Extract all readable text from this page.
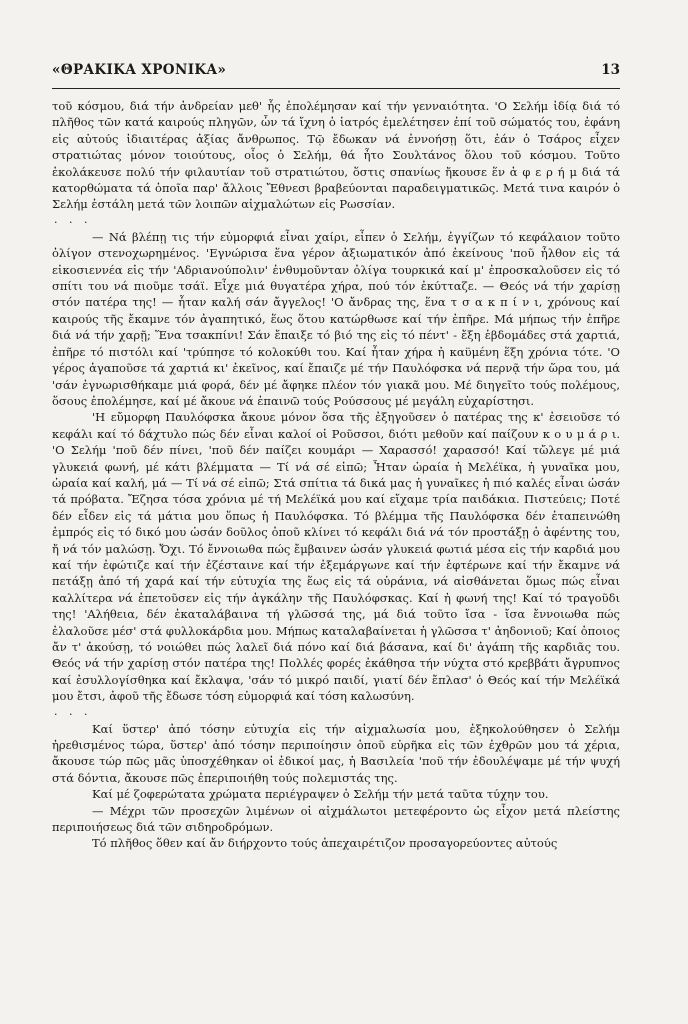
«ΘΡΑΚΙΚΑ ΧΡΟΝΙΚΑ»	13

τοῦ κόσμου, διά τήν ἀνδρείαν μεθ' ἧς ἐπολέμησαν καί τήν γενναιότητα. 'Ο Σελήμ ἰδίᾳ διά τό πλῆθος τῶν κατά καιρούς πληγῶν, ὧν τά ἴχνη ὁ ἰατρός ἐμελέτησεν ἐπί τοῦ σώματός του, ἐφάνη εἰς αὐτούς ἰδιαιτέρας ἀξίας ἄνθρωπος. Τῷ ἔδωκαν νά ἐννοήσῃ ὅτι, ἐάν ὁ Τσάρος εἶχεν στρατιώτας μόνον τοιούτους, οἷος ὁ Σελήμ, θά ἦτο Σουλτάνος ὅλου τοῦ κόσμου. Τοῦτο ἐκολάκευσε πολύ τήν φιλαυτίαν τοῦ στρατιώτου, ὅστις σπανίως ἤκουσε ἕν ἀ φ ε ρ ή μ διά τά κατορθώματα τά ὁποῖα παρ' ἄλλοις Ἔθνεσι βραβεύονται παραδειγματικῶς. Μετά τινα καιρόν ὁ Σελήμ ἐστάλη μετά τῶν λοιπῶν αἰχμαλώτων εἰς Ρωσσίαν.

. . .

— Νά βλέπῃ τις τήν εὐμορφιά εἶναι χαίρι, εἶπεν ὁ Σελήμ, ἐγγίζων τό κεφάλαιον τοῦτο ὀλίγον στενοχωρημένος. 'Εγνώρισα ἕνα γέρον ἀξιωματικόν ἀπό ἐκείνους 'ποῦ ἦλθον εἰς τά εἰκοσιεννέα εἰς τήν 'Αδριανούπολιν' ἐνθυμοῦνταν ὀλίγα τουρκικά καί μ' ἐπροσκαλοῦσεν εἰς τό σπίτι του νά πιοῦμε τσάϊ. Εἶχε μιά θυγατέρα χήρα, πού τόν ἐκύτταζε. — Θεός νά τήν χαρίσῃ στόν πατέρα της! — ἦταν καλή σάν ἄγγελος! 'Ο ἄνδρας της, ἕνα τ σ α κ π ί ν ι, χρόνους καί καιρούς τῆς ἔκαμνε τόν ἀγαπητικό, ἕως ὅτου κατώρθωσε καί τήν ἐπῆρε. Μά μήπως τήν ἐπῆρε διά νά τήν χαρῇ; Ἕνα τσακπίνι! Σάν ἔπαιξε τό βιό της εἰς τό πέντ' - ἔξη ἑβδομάδες στά χαρτιά, ἐπῆρε τό πιστόλι καί 'τρύπησε τό κολοκύθι του. Καί ἦταν χήρα ἡ καϋμένη ἕξη χρόνια τότε. 'Ο γέρος ἀγαποῦσε τά χαρτιά κι' ἐκεῖνος, καί ἔπαιζε μέ τήν Παυλόφσκα νά περνᾷ τήν ὥρα του, μά 'σάν ἐγνωρισθήκαμε μιά φορά, δέν μέ ἄφηκε πλέον τόν γιακᾶ μου. Μέ διηγεῖτο τούς πολέμους, ὅσους ἐπολέμησε, καί μέ ἄκουε νά ἐπαινῶ τούς Ρούσσους μέ μεγάλη εὐχαρίστησι.

'Η εὔμορφη Παυλόφσκα ἄκουε μόνον ὅσα τῆς ἐξηγοῦσεν ὁ πατέρας της κ' ἐσειοῦσε τό κεφάλι καί τό δάχτυλο πώς δέν εἶναι καλοί οἱ Ροῦσσοι, διότι μεθοῦν καί παίζουν κ ο υ μ ά ρ ι. 'Ο Σελήμ 'ποῦ δέν πίνει, 'ποῦ δέν παίζει κουμάρι — Χαρασσό! χαρασσό! Καί τὤλεγε μέ μιά γλυκειά φωνή, μέ κάτι βλέμματα — Τί νά σέ εἰπῶ; Ἦταν ὡραία ἡ Μελέϊκα, ἡ γυναῖκα μου, ὡραία καί καλή, μά — Τί νά σέ εἰπῶ; Στά σπίτια τά δικά μας ἡ γυναῖκες ἡ πιό καλές εἶναι ὡσάν τά πρόβατα. Ἔζησα τόσα χρόνια μέ τή Μελέϊκά μου καί εἴχαμε τρία παιδάκια. Πιστεύεις; Ποτέ δέν εἶδεν εἰς τά μάτια μου ὅπως ἡ Παυλόφσκα. Τό βλέμμα τῆς Παυλόφσκα δέν ἐταπεινώθη ἐμπρός εἰς τό δικό μου ὡσάν δοῦλος ὁποῦ κλίνει τό κεφάλι διά νά τόν προστάξῃ ὁ ἀφέντης του, ἤ νά τόν μαλώσῃ. Ὄχι. Τό ἔννοιωθα πώς ἔμβαινεν ὡσάν γλυκειά φωτιά μέσα εἰς τήν καρδιά μου καί τήν ἐφώτιζε καί τήν ἐζέσταινε καί τήν ἐξεμάργωνε καί τήν ἐφτέρωνε καί τήν ἔκαμνε νά πετάξῃ ἀπό τή χαρά καί τήν εὐτυχία της ἕως εἰς τά οὐράνια, νά αἰσθάνεται ὅμως πώς εἶναι καλλίτερα νά ἐπετοῦσεν εἰς τήν ἀγκάλην τῆς Παυλόφσκας. Καί ἡ φωνή της! Καί τό τραγοῦδι της! 'Αλήθεια, δέν ἐκαταλάβαινα τή γλῶσσά της, μά διά τοῦτο ἴσα - ἴσα ἔννοιωθα πώς ἐλαλοῦσε μέσ' στά φυλλοκάρδια μου. Μήπως καταλαβαίνεται ἡ γλῶσσα τ' ἀηδονιοῦ; Καί ὁποιος ἄν τ' ἀκούσῃ, τό νοιώθει πώς λαλεῖ διά πόνο καί διά βάσανα, καί δι' ἀγάπη τῆς καρδιᾶς του. Θεός νά τήν χαρίσῃ στόν πατέρα της! Πολλές φορές ἐκάθησα τήν νύχτα στό κρεββάτι ἄγρυπνος καί ἐσυλλογίσθηκα καί ἔκλαψα, 'σάν τό μικρό παιδί, γιατί δέν ἔπλασ' ὁ Θεός καί τήν Μελέϊκά μου ἔτσι, ἀφοῦ τῆς ἔδωσε τόση εὐμορφιά καί τόση καλωσύνη.

. . .

Καί ὕστερ' ἀπό τόσην εὐτυχία εἰς τήν αἰχμαλωσία μου, ἐξηκολούθησεν ὁ Σελήμ ἠρεθισμένος τώρα, ὕστερ' ἀπό τόσην περιποίησιν ὁποῦ εὑρῆκα εἰς τῶν ἐχθρῶν μου τά χέρια, ἄκουσε τώρ πῶς μᾶς ὑποσχέθηκαν οἱ ἐδικοί μας, ἡ Βασιλεία 'ποῦ τήν ἐδουλέψαμε μέ τήν ψυχή στά δόντια, ἄκουσε πῶς ἐπεριποιήθη τούς πολεμιστάς της.

Καί μέ ζοφερώτατα χρώματα περιέγραψεν ὁ Σελήμ τήν μετά ταῦτα τύχην του.

— Μέχρι τῶν προσεχῶν λιμένων οἱ αἰχμάλωτοι μετεφέροντο ὡς εἶχον μετά πλείστης περιποιήσεως διά τῶν σιδηροδρόμων.

Τό πλῆθος ὅθεν καί ἄν διήρχοντο τούς ἀπεχαιρέτιζον προσαγορεύοντες αὐτούς
